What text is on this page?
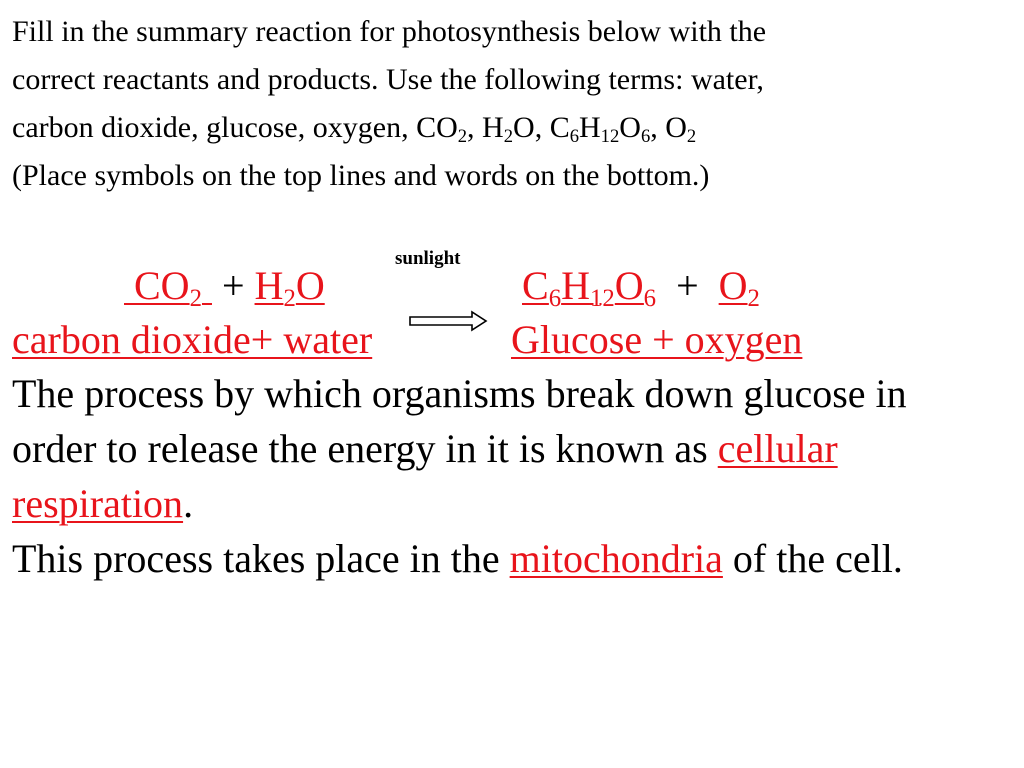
Fill in the summary reaction for photosynthesis below with the
correct reactants and products. Use the following terms: water,
carbon dioxide, glucose, oxygen, $CO_2$, $H_2O$, $C_6H_{12}O_6$, $O_2$
(Place symbols on the top lines and words on the bottom.)
sunlight
$CO_2 + H_2O$	$C_6H_{12}O_6 + O_2$
carbon dioxide+ water	Glucose + oxygen
The process by which organisms break down glucose in
order to release the energy in it is known as cellular
respiration.
This process takes place in the mitochondria of the cell.
